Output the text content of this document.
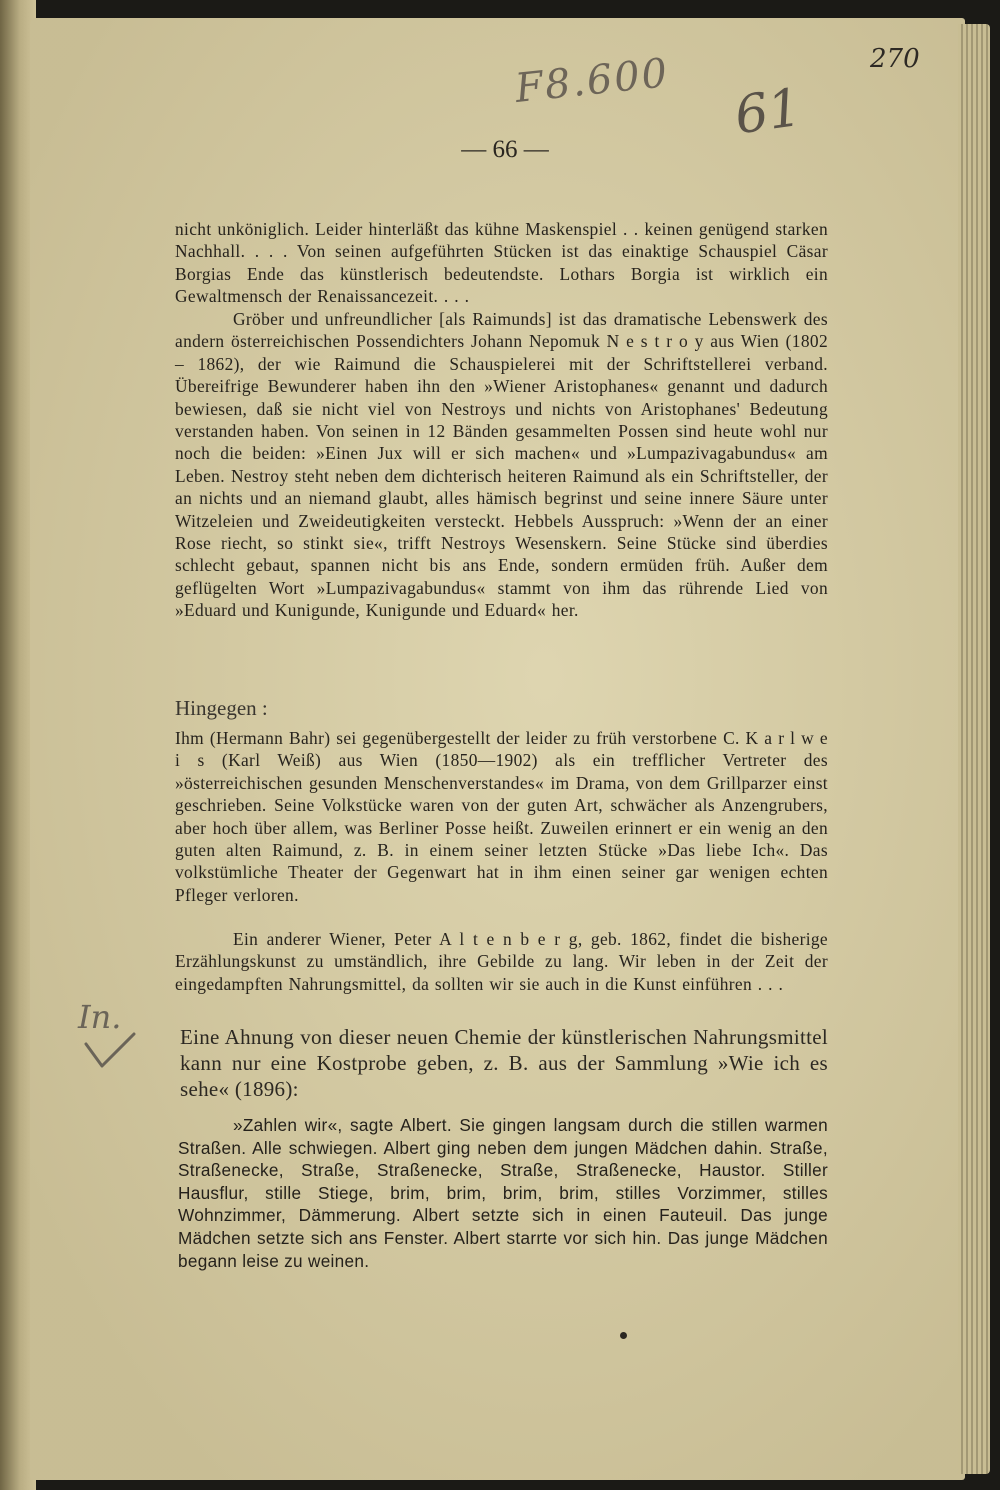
F8.600 61
270
— 66 —
nicht unköniglich. Leider hinterläßt das kühne Maskenspiel . . keinen genügend starken Nachhall. . . . Von seinen aufgeführten Stücken ist das einaktige Schauspiel Cäsar Borgias Ende das künstlerisch bedeutendste. Lothars Borgia ist wirklich ein Gewaltmensch der Renaissancezeit. . . .
Gröber und unfreundlicher [als Raimunds] ist das dramatische Lebenswerk des andern österreichischen Possendichters Johann Nepomuk N e s t r o y aus Wien (1802 – 1862), der wie Raimund die Schauspielerei mit der Schriftstellerei verband. Übereifrige Bewunderer haben ihn den »Wiener Aristophanes« genannt und dadurch bewiesen, daß sie nicht viel von Nestroys und nichts von Aristophanes' Bedeutung verstanden haben. Von seinen in 12 Bänden gesammelten Possen sind heute wohl nur noch die beiden: »Einen Jux will er sich machen« und »Lumpazivagabundus« am Leben. Nestroy steht neben dem dichterisch heiteren Raimund als ein Schriftsteller, der an nichts und an niemand glaubt, alles hämisch begrinst und seine innere Säure unter Witzeleien und Zweideutigkeiten versteckt. Hebbels Ausspruch: »Wenn der an einer Rose riecht, so stinkt sie«, trifft Nestroys Wesenskern. Seine Stücke sind überdies schlecht gebaut, spannen nicht bis ans Ende, sondern ermüden früh. Außer dem geflügelten Wort »Lumpazivagabundus« stammt von ihm das rührende Lied von »Eduard und Kunigunde, Kunigunde und Eduard« her.
Hingegen :
Ihm (Hermann Bahr) sei gegenübergestellt der leider zu früh verstorbene C. K a r l w e i s (Karl Weiß) aus Wien (1850—1902) als ein trefflicher Vertreter des »österreichischen gesunden Menschenverstandes« im Drama, von dem Grillparzer einst geschrieben. Seine Volkstücke waren von der guten Art, schwächer als Anzengrubers, aber hoch über allem, was Berliner Posse heißt. Zuweilen erinnert er ein wenig an den guten alten Raimund, z. B. in einem seiner letzten Stücke »Das liebe Ich«. Das volkstümliche Theater der Gegenwart hat in ihm einen seiner gar wenigen echten Pfleger verloren.
Ein anderer Wiener, Peter A l t e n b e r g, geb. 1862, findet die bisherige Erzählungskunst zu umständlich, ihre Gebilde zu lang. Wir leben in der Zeit der eingedampften Nahrungsmittel, da sollten wir sie auch in die Kunst einführen . . .
In.
Eine Ahnung von dieser neuen Chemie der künstlerischen Nahrungsmittel kann nur eine Kostprobe geben, z. B. aus der Sammlung »Wie ich es sehe« (1896):
»Zahlen wir«, sagte Albert. Sie gingen langsam durch die stillen warmen Straßen. Alle schwiegen. Albert ging neben dem jungen Mädchen dahin. Straße, Straßenecke, Straße, Straßenecke, Straße, Straßenecke, Haustor. Stiller Hausflur, stille Stiege, brim, brim, brim, brim, stilles Vorzimmer, stilles Wohnzimmer, Dämmerung. Albert setzte sich in einen Fauteuil. Das junge Mädchen setzte sich ans Fenster. Albert starrte vor sich hin. Das junge Mädchen begann leise zu weinen.
